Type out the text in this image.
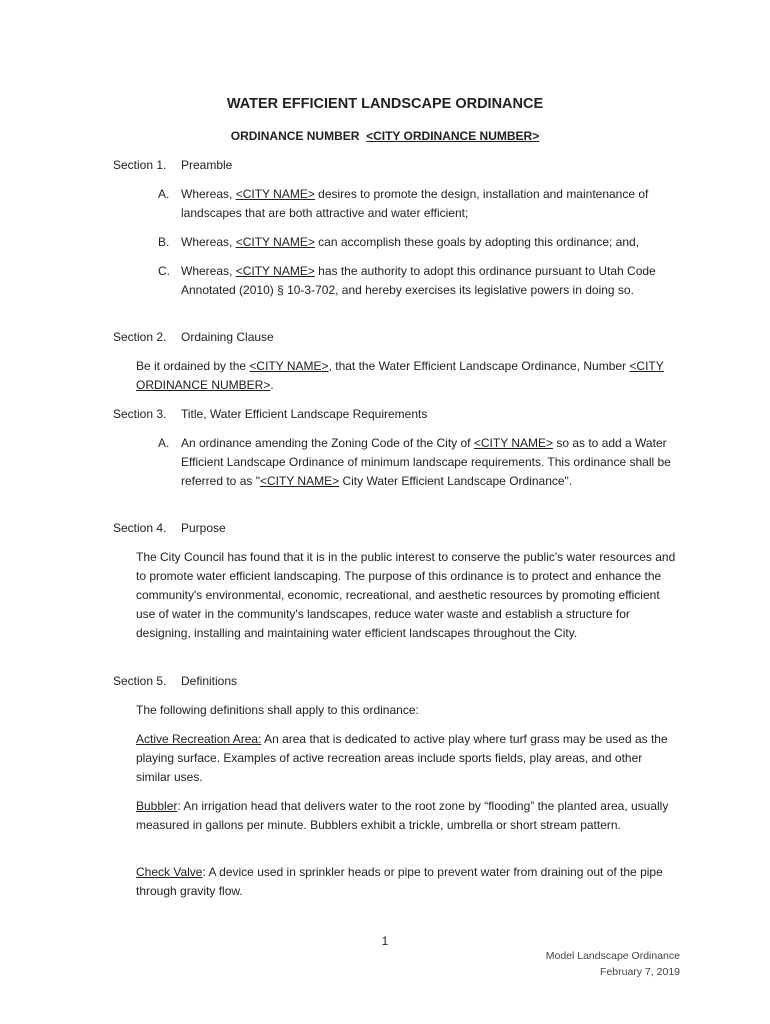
WATER EFFICIENT LANDSCAPE ORDINANCE
ORDINANCE NUMBER <CITY ORDINANCE NUMBER>
Section 1. Preamble
A. Whereas, <CITY NAME> desires to promote the design, installation and maintenance of landscapes that are both attractive and water efficient;
B. Whereas, <CITY NAME> can accomplish these goals by adopting this ordinance; and,
C. Whereas, <CITY NAME> has the authority to adopt this ordinance pursuant to Utah Code Annotated (2010) § 10-3-702, and hereby exercises its legislative powers in doing so.
Section 2. Ordaining Clause
Be it ordained by the <CITY NAME>, that the Water Efficient Landscape Ordinance, Number <CITY ORDINANCE NUMBER>.
Section 3. Title, Water Efficient Landscape Requirements
A. An ordinance amending the Zoning Code of the City of <CITY NAME> so as to add a Water Efficient Landscape Ordinance of minimum landscape requirements. This ordinance shall be referred to as "<CITY NAME> City Water Efficient Landscape Ordinance".
Section 4. Purpose
The City Council has found that it is in the public interest to conserve the public's water resources and to promote water efficient landscaping. The purpose of this ordinance is to protect and enhance the community's environmental, economic, recreational, and aesthetic resources by promoting efficient use of water in the community's landscapes, reduce water waste and establish a structure for designing, installing and maintaining water efficient landscapes throughout the City.
Section 5. Definitions
The following definitions shall apply to this ordinance:
Active Recreation Area: An area that is dedicated to active play where turf grass may be used as the playing surface. Examples of active recreation areas include sports fields, play areas, and other similar uses.
Bubbler: An irrigation head that delivers water to the root zone by “flooding” the planted area, usually measured in gallons per minute. Bubblers exhibit a trickle, umbrella or short stream pattern.
Check Valve: A device used in sprinkler heads or pipe to prevent water from draining out of the pipe through gravity flow.
1
Model Landscape Ordinance
February 7, 2019
